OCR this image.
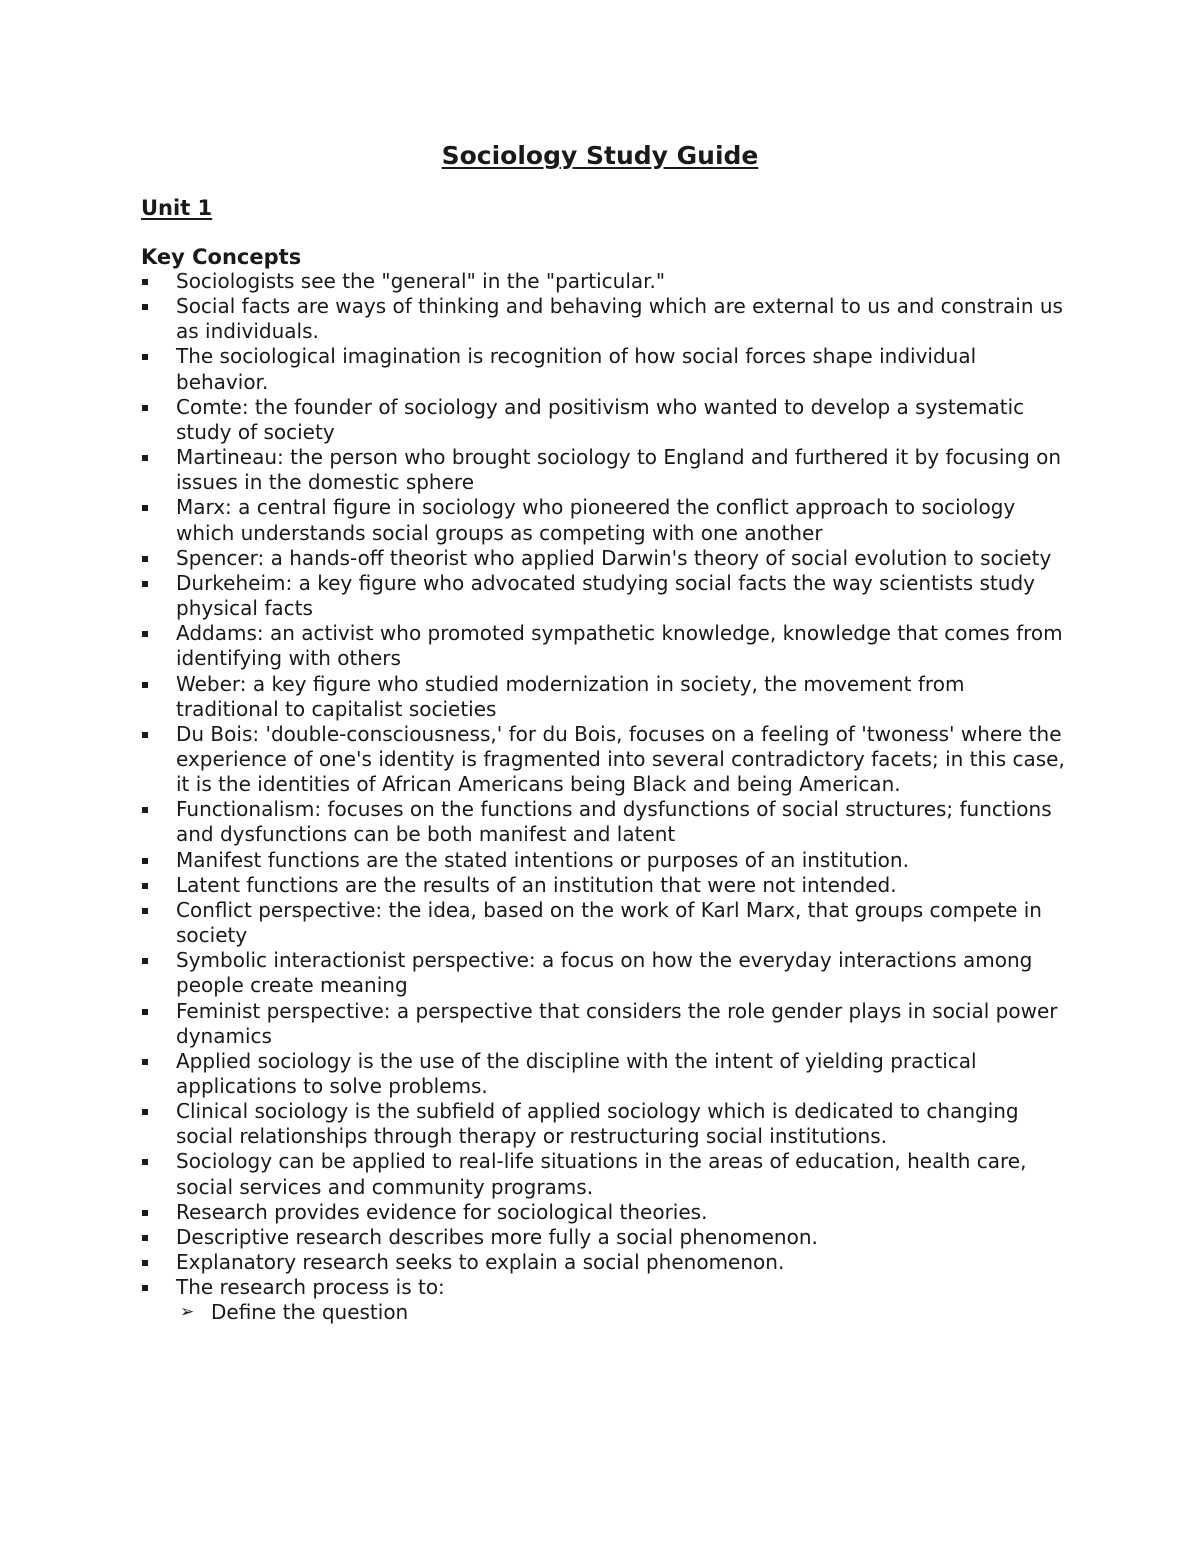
Sociology Study Guide
Unit 1
Key Concepts
Sociologists see the "general" in the "particular."
Social facts are ways of thinking and behaving which are external to us and constrain us as individuals.
The sociological imagination is recognition of how social forces shape individual behavior.
Comte: the founder of sociology and positivism who wanted to develop a systematic study of society
Martineau: the person who brought sociology to England and furthered it by focusing on issues in the domestic sphere
Marx: a central figure in sociology who pioneered the conflict approach to sociology which understands social groups as competing with one another
Spencer: a hands-off theorist who applied Darwin's theory of social evolution to society
Durkeheim: a key figure who advocated studying social facts the way scientists study physical facts
Addams: an activist who promoted sympathetic knowledge, knowledge that comes from identifying with others
Weber: a key figure who studied modernization in society, the movement from traditional to capitalist societies
Du Bois: 'double-consciousness,' for du Bois, focuses on a feeling of 'twoness' where the experience of one's identity is fragmented into several contradictory facets; in this case, it is the identities of African Americans being Black and being American.
Functionalism: focuses on the functions and dysfunctions of social structures; functions and dysfunctions can be both manifest and latent
Manifest functions are the stated intentions or purposes of an institution.
Latent functions are the results of an institution that were not intended.
Conflict perspective: the idea, based on the work of Karl Marx, that groups compete in society
Symbolic interactionist perspective: a focus on how the everyday interactions among people create meaning
Feminist perspective: a perspective that considers the role gender plays in social power dynamics
Applied sociology is the use of the discipline with the intent of yielding practical applications to solve problems.
Clinical sociology is the subfield of applied sociology which is dedicated to changing social relationships through therapy or restructuring social institutions.
Sociology can be applied to real-life situations in the areas of education, health care, social services and community programs.
Research provides evidence for sociological theories.
Descriptive research describes more fully a social phenomenon.
Explanatory research seeks to explain a social phenomenon.
The research process is to:
➢ Define the question
